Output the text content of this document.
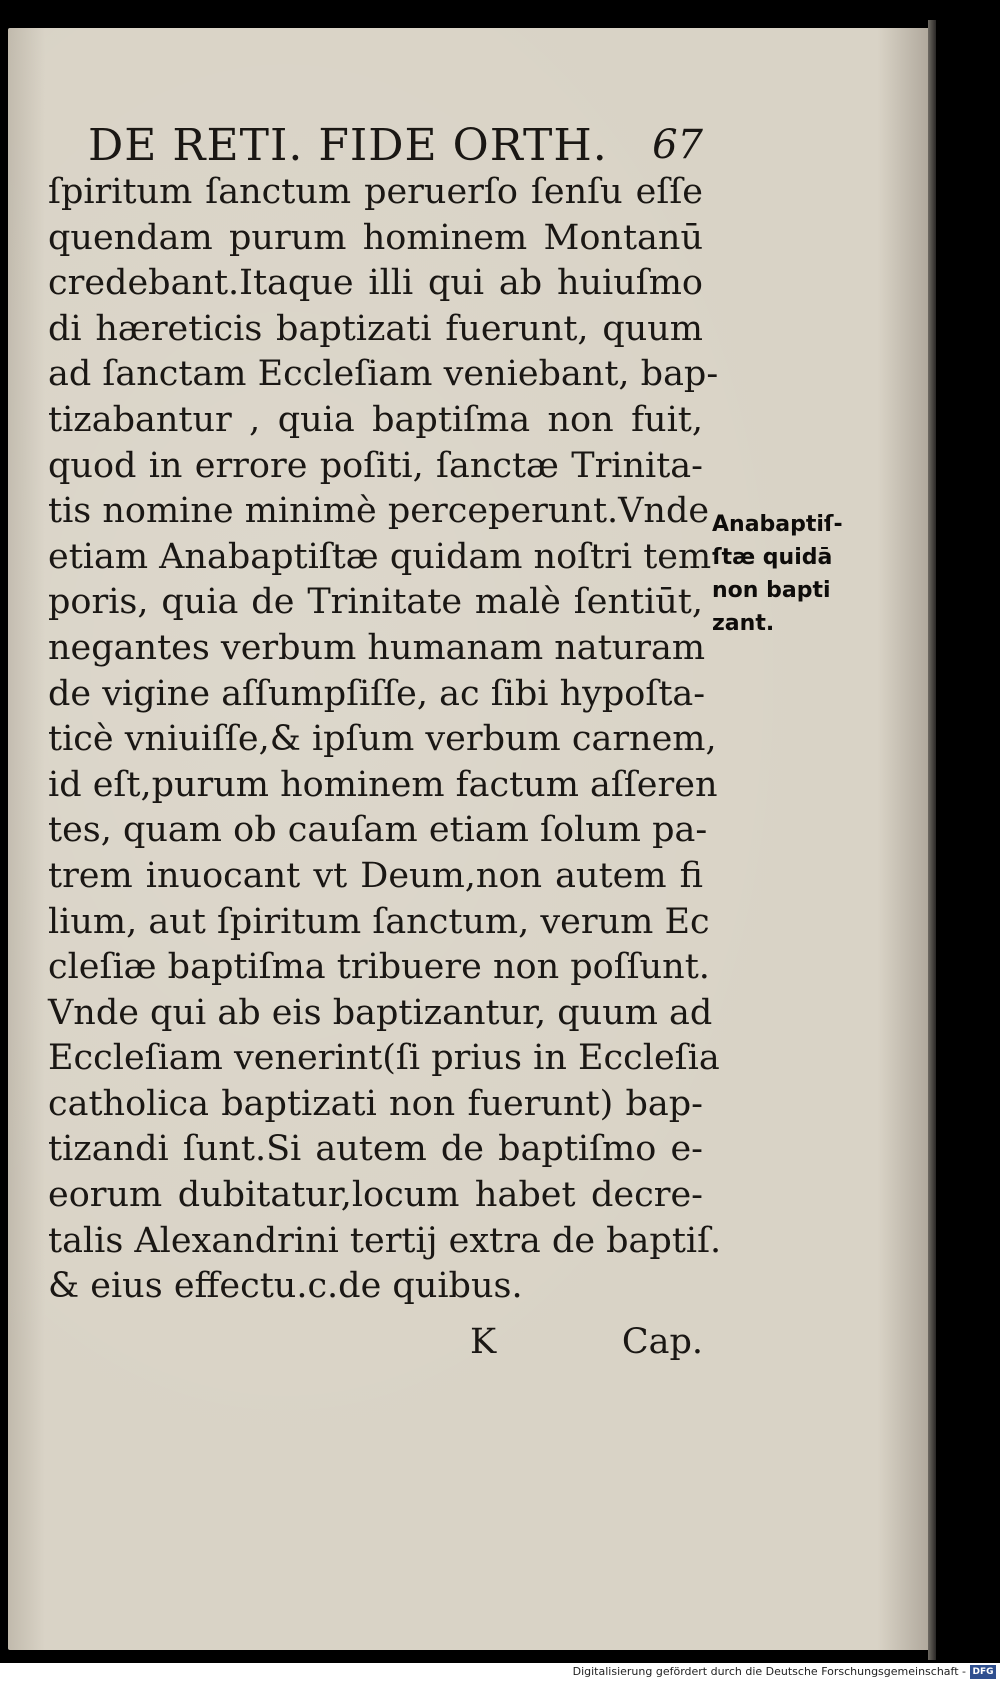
DE RETI. FIDE ORTH. 67
ſpiritum ſanctum peruerſo ſenſu eſſe
quendam purum hominem Montanū
credebant.Itaque illi qui ab huiuſmo
di hæreticis baptizati fuerunt, quum
ad ſanctam Eccleſiam veniebant, bap-
tizabantur , quia baptiſma non fuit,
quod in errore poſiti, ſanctæ Trinita-
tis nomine minimè perceperunt.Vnde
etiam Anabaptiſtæ quidam noſtri tem
poris, quia de Trinitate malè ſentiūt,
negantes verbum humanam naturam
de vigine aſſumpſiſſe, ac ſibi hypoſta-
ticè vniuiſſe,& ipſum verbum carnem,
id eſt,purum hominem factum aſſeren
tes, quam ob cauſam etiam ſolum pa-
trem inuocant vt Deum,non autem fi
lium, aut ſpiritum ſanctum, verum Ec
cleſiæ baptiſma tribuere non poſſunt.
Vnde qui ab eis baptizantur, quum ad
Eccleſiam venerint(ſi prius in Eccleſia
catholica baptizati non fuerunt) bap-
tizandi ſunt.Si autem de baptiſmo e-
eorum dubitatur,locum habet decre-
talis Alexandrini tertij extra de baptiſ.
& eius effectu.c.de quibus.
K	Cap.
Anabaptiſ-
ſtæ quidā
non bapti
zant.
Digitalisierung gefördert durch die Deutsche Forschungsgemeinschaft - DFG
